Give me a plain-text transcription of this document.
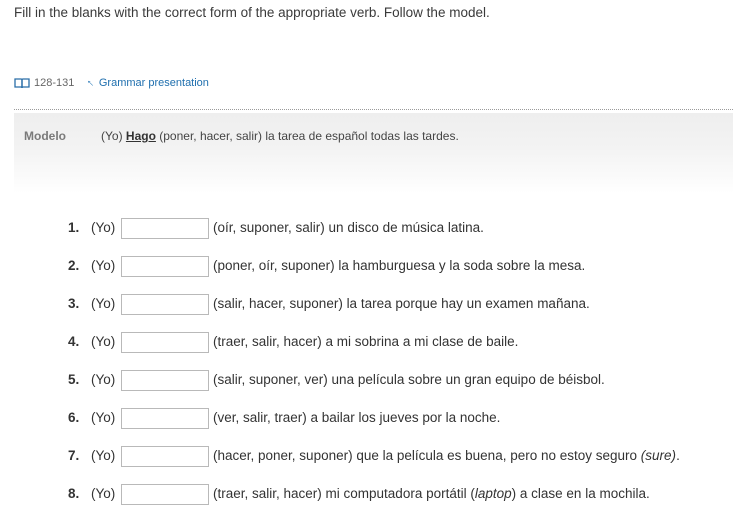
Fill in the blanks with the correct form of the appropriate verb. Follow the model.
128-131 ↑ Grammar presentation
Modelo	(Yo) Hago (poner, hacer, salir) la tarea de español todas las tardes.
1. (Yo)	(oír, suponer, salir) un disco de música latina.
2. (Yo)	(poner, oír, suponer) la hamburguesa y la soda sobre la mesa.
3. (Yo)	(salir, hacer, suponer) la tarea porque hay un examen mañana.
4. (Yo)	(traer, salir, hacer) a mi sobrina a mi clase de baile.
5. (Yo)	(salir, suponer, ver) una película sobre un gran equipo de béisbol.
6. (Yo)	(ver, salir, traer) a bailar los jueves por la noche.
7. (Yo)	(hacer, poner, suponer) que la película es buena, pero no estoy seguro (sure).
8. (Yo)	(traer, salir, hacer) mi computadora portátil (laptop) a clase en la mochila.
